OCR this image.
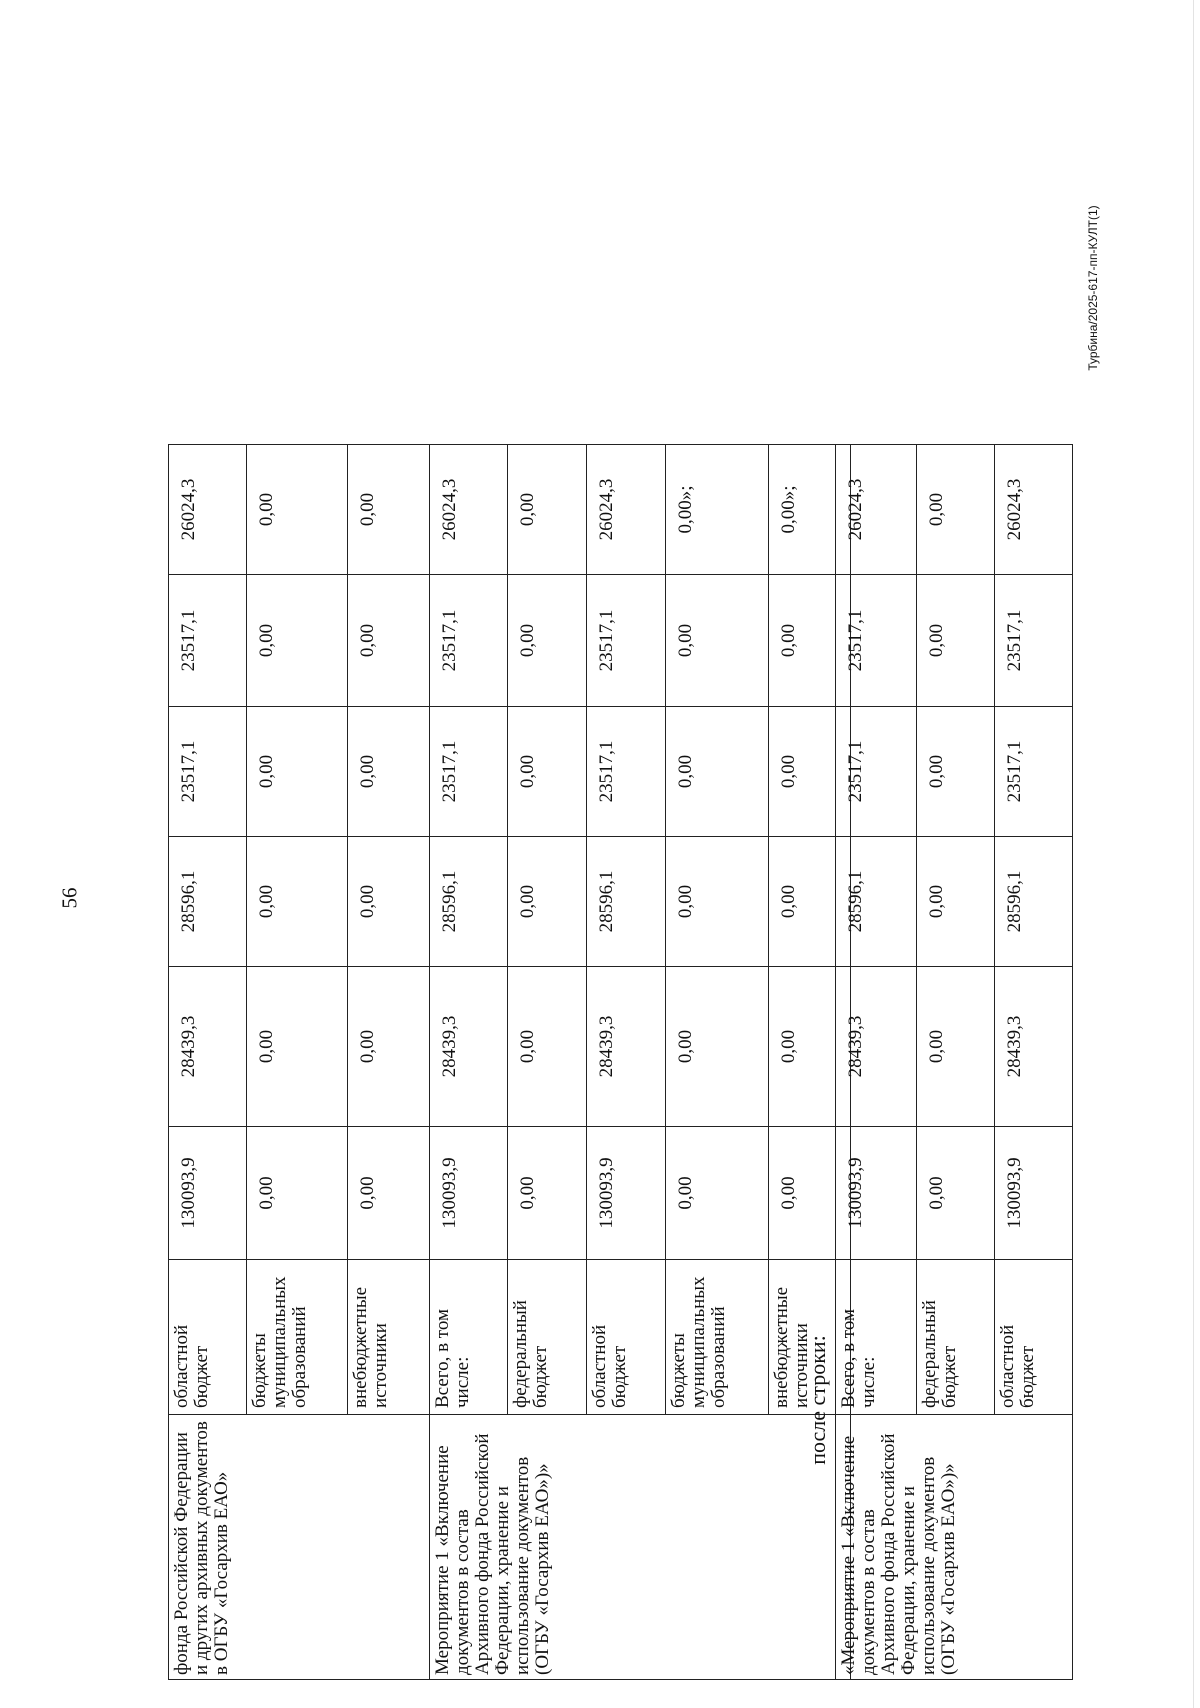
56
Турбина/2025-617-пп-КУЛТ(1)
фонда Российской Федерации и других архивных документов в ОГБУ «Госархив ЕАО»	областной бюджет	130093,9	28439,3	28596,1	23517,1	23517,1	26024,3
	бюджеты муниципальных образований	0,00	0,00	0,00	0,00	0,00	0,00
	внебюджетные источники	0,00	0,00	0,00	0,00	0,00	0,00
Мероприятие 1 «Включение документов в состав Архивного фонда Российской Федерации, хранение и использование документов (ОГБУ «Госархив ЕАО»)»	Всего, в том числе:	130093,9	28439,3	28596,1	23517,1	23517,1	26024,3
	федеральный бюджет	0,00	0,00	0,00	0,00	0,00	0,00
	областной бюджет	130093,9	28439,3	28596,1	23517,1	23517,1	26024,3
	бюджеты муниципальных образований	0,00	0,00	0,00	0,00	0,00	0,00»;
	внебюджетные источники	0,00	0,00	0,00	0,00	0,00	0,00»;
после строки:
«Мероприятие 1 «Включение документов в состав Архивного фонда Российской Федерации, хранение и использование документов (ОГБУ «Госархив ЕАО»)»	Всего, в том числе:	130093,9	28439,3	28596,1	23517,1	23517,1	26024,3
	федеральный бюджет	0,00	0,00	0,00	0,00	0,00	0,00
	областной бюджет	130093,9	28439,3	28596,1	23517,1	23517,1	26024,3
